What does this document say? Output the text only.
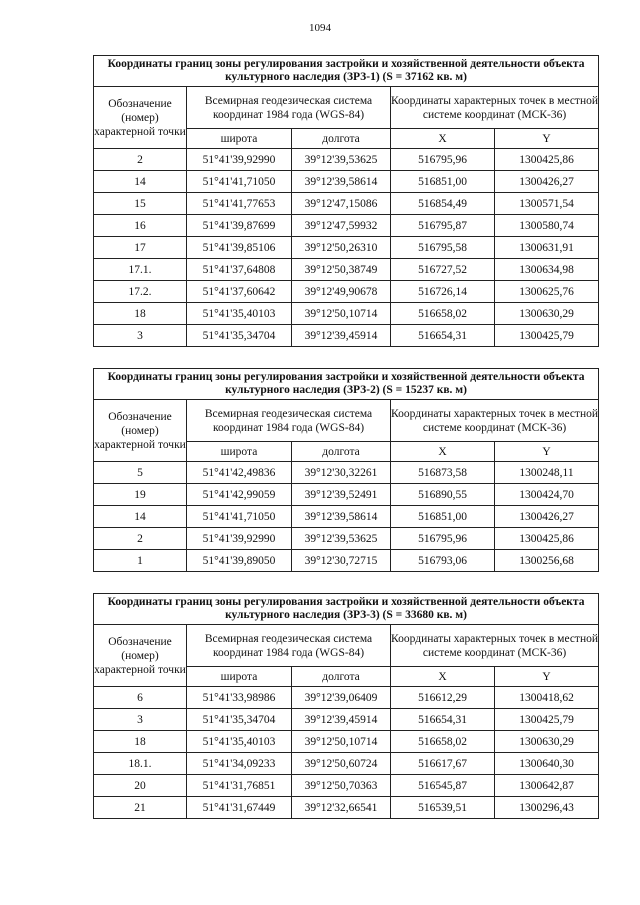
1094
Координаты границ зоны регулирования застройки и хозяйственной деятельности объекта культурного наследия (ЗРЗ-1) (S = 37162 кв. м)				
Обозначение (номер) характерной точки	Всемирная геодезическая система координат 1984 года (WGS-84)		Координаты характерных точек в местной системе координат (МСК-36)	
	широта	долгота	X	Y
2	51°41'39,92990	39°12'39,53625	516795,96	1300425,86
14	51°41'41,71050	39°12'39,58614	516851,00	1300426,27
15	51°41'41,77653	39°12'47,15086	516854,49	1300571,54
16	51°41'39,87699	39°12'47,59932	516795,87	1300580,74
17	51°41'39,85106	39°12'50,26310	516795,58	1300631,91
17.1.	51°41'37,64808	39°12'50,38749	516727,52	1300634,98
17.2.	51°41'37,60642	39°12'49,90678	516726,14	1300625,76
18	51°41'35,40103	39°12'50,10714	516658,02	1300630,29
3	51°41'35,34704	39°12'39,45914	516654,31	1300425,79
Координаты границ зоны регулирования застройки и хозяйственной деятельности объекта культурного наследия (ЗРЗ-2) (S = 15237 кв. м)				
Обозначение (номер) характерной точки	Всемирная геодезическая система координат 1984 года (WGS-84)		Координаты характерных точек в местной системе координат (МСК-36)	
	широта	долгота	X	Y
5	51°41'42,49836	39°12'30,32261	516873,58	1300248,11
19	51°41'42,99059	39°12'39,52491	516890,55	1300424,70
14	51°41'41,71050	39°12'39,58614	516851,00	1300426,27
2	51°41'39,92990	39°12'39,53625	516795,96	1300425,86
1	51°41'39,89050	39°12'30,72715	516793,06	1300256,68
Координаты границ зоны регулирования застройки и хозяйственной деятельности объекта культурного наследия (ЗРЗ-3) (S = 33680 кв. м)				
Обозначение (номер) характерной точки	Всемирная геодезическая система координат 1984 года (WGS-84)		Координаты характерных точек в местной системе координат (МСК-36)	
	широта	долгота	X	Y
6	51°41'33,98986	39°12'39,06409	516612,29	1300418,62
3	51°41'35,34704	39°12'39,45914	516654,31	1300425,79
18	51°41'35,40103	39°12'50,10714	516658,02	1300630,29
18.1.	51°41'34,09233	39°12'50,60724	516617,67	1300640,30
20	51°41'31,76851	39°12'50,70363	516545,87	1300642,87
21	51°41'31,67449	39°12'32,66541	516539,51	1300296,43
